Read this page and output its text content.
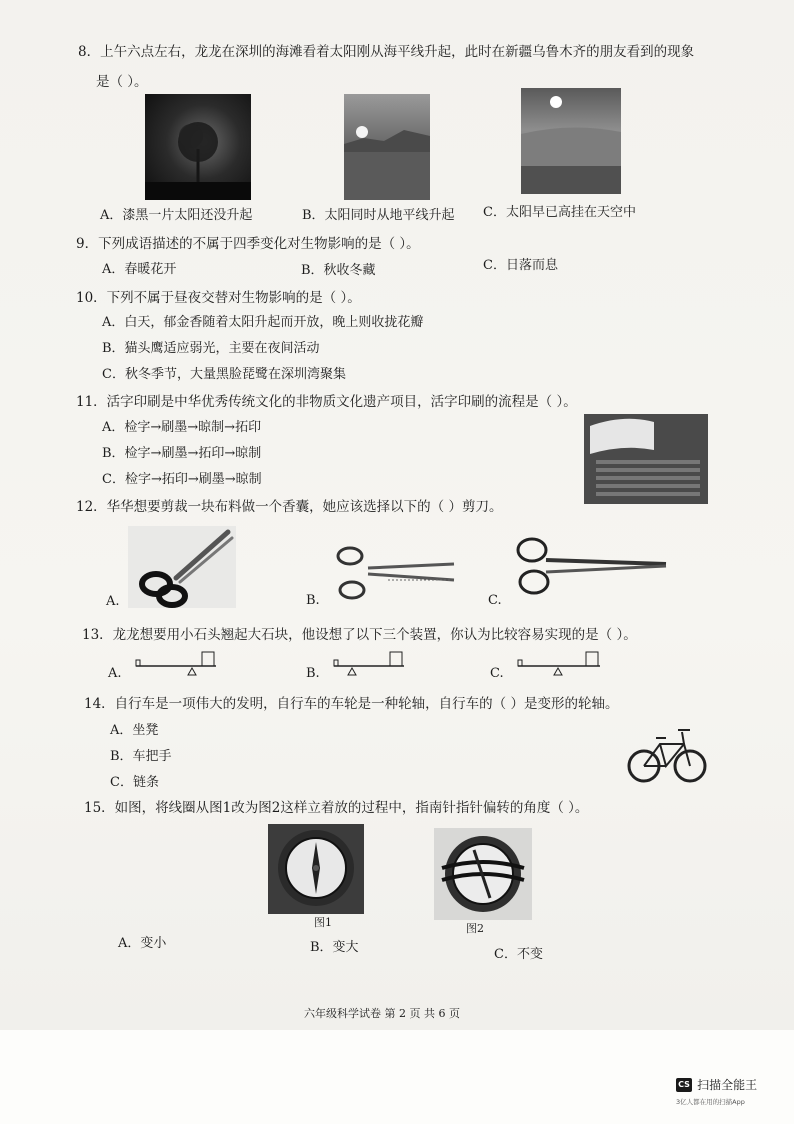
8．上午六点左右，龙龙在深圳的海滩看着太阳刚从海平线升起，此时在新疆乌鲁木齐的朋友看到的现象
是（ ）。
A．漆黑一片太阳还没升起	B．太阳同时从地平线升起 C．太阳早已高挂在天空中
9．下列成语描述的不属于四季变化对生物影响的是（ ）。
A．春暖花开	B．秋收冬藏	C．日落而息
10．下列不属于昼夜交替对生物影响的是（ ）。
A．白天，郁金香随着太阳升起而开放，晚上则收拢花瓣
B．猫头鹰适应弱光，主要在夜间活动
C．秋冬季节，大量黑脸琵鹭在深圳湾聚集
11．活字印刷是中华优秀传统文化的非物质文化遗产项目，活字印刷的流程是（ ）。
A．检字→刷墨→晾制→拓印
B．检字→刷墨→拓印→晾制
C．检字→拓印→刷墨→晾制
12．华华想要剪裁一块布料做一个香囊，她应该选择以下的（ ）剪刀。
A.	B.	C.
13．龙龙想要用小石头翘起大石块，他设想了以下三个装置，你认为比较容易实现的是（ ）。
A.	B.	C.
14．自行车是一项伟大的发明，自行车的车轮是一种轮轴，自行车的（ ）是变形的轮轴。
A．坐凳
B．车把手
C．链条
15．如图，将线圈从图1改为图2这样立着放的过程中，指南针指针偏转的角度（ ）。
图1	图2
A．变小	B．变大	C．不变
六年级科学试卷 第 2 页 共 6 页
CS 扫描全能王
3亿人都在用的扫描App
